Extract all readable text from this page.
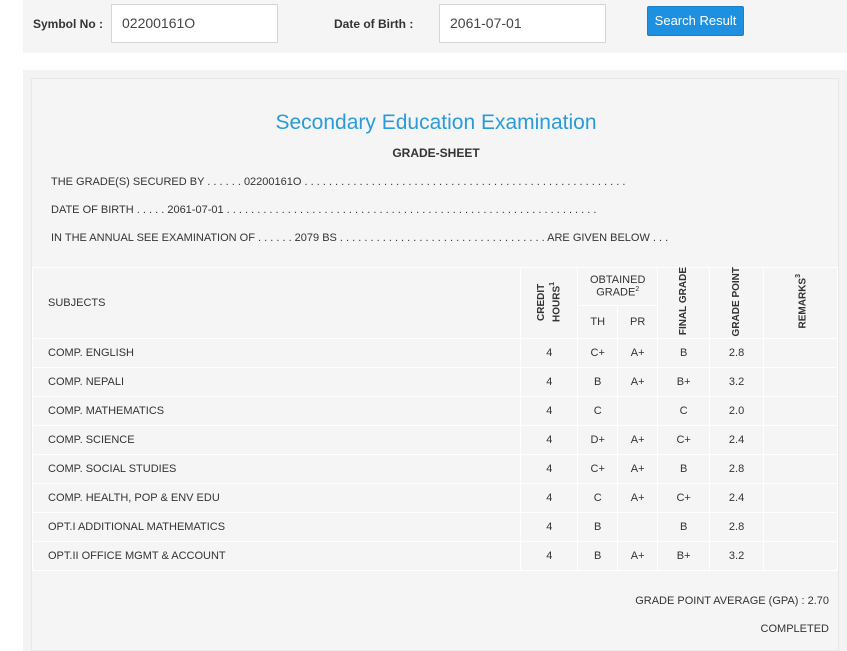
Symbol No :	02200161O	Date of Birth :	2061-07-01	Search Result
Secondary Education Examination
GRADE-SHEET
THE GRADE(S) SECURED BY . . . . . . 02200161O . . . . . . . . . . . . . . . . . . . . . . . . . . . . . . . . . . . . . . . . . . . . . . . . . . . . .
DATE OF BIRTH . . . . . 2061-07-01 . . . . . . . . . . . . . . . . . . . . . . . . . . . . . . . . . . . . . . . . . . . . . . . . . . . . . . . . . . . . .
IN THE ANNUAL SEE EXAMINATION OF . . . . . . 2079 BS . . . . . . . . . . . . . . . . . . . . . . . . . . . . . . . . . . ARE GIVEN BELOW . . .
SUBJECTS	CREDIT HOURS$^1$	OBTAINED GRADE$^2$		FINAL GRADE	GRADE POINT	REMARKS$^3$
		TH	PR			
COMP. ENGLISH	4	C+	A+	B	2.8	
COMP. NEPALI	4	B	A+	B+	3.2	
COMP. MATHEMATICS	4	C		C	2.0	
COMP. SCIENCE	4	D+	A+	C+	2.4	
COMP. SOCIAL STUDIES	4	C+	A+	B	2.8	
COMP. HEALTH, POP & ENV EDU	4	C	A+	C+	2.4	
OPT.I ADDITIONAL MATHEMATICS	4	B		B	2.8	
OPT.II OFFICE MGMT & ACCOUNT	4	B	A+	B+	3.2	
GRADE POINT AVERAGE (GPA) : 2.70
COMPLETED
